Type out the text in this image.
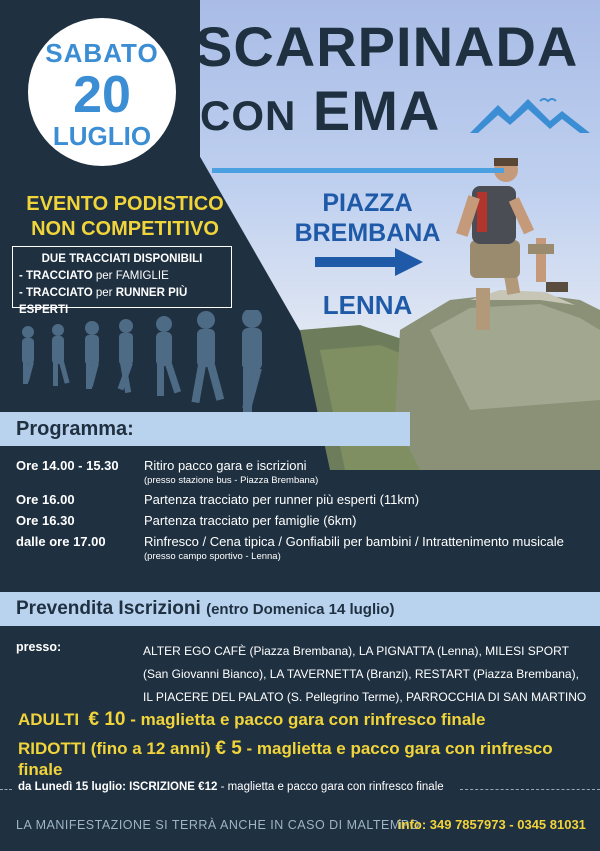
SABATO
20
LUGLIO
SCARPINADA
CON EMA
PIAZZA
BREMBANA
LENNA
EVENTO PODISTICO
NON COMPETITIVO
DUE TRACCIATI DISPONIBILI
- TRACCIATO per FAMIGLIE
- TRACCIATO per RUNNER PIÙ ESPERTI
Programma:
Ore 14.00 - 15.30	Ritiro pacco gara e iscrizioni
(presso stazione bus - Piazza Brembana)
Ore 16.00	Partenza tracciato per runner più esperti (11km)
Ore 16.30	Partenza tracciato per famiglie (6km)
dalle ore 17.00	Rinfresco / Cena tipica / Gonfiabili per bambini / Intrattenimento musicale
(presso campo sportivo - Lenna)
Prevendita Iscrizioni (entro Domenica 14 luglio)
presso:	ALTER EGO CAFÈ (Piazza Brembana), LA PIGNATTA (Lenna), MILESI SPORT
(San Giovanni Bianco), LA TAVERNETTA (Branzi), RESTART (Piazza Brembana),
IL PIACERE DEL PALATO (S. Pellegrino Terme), PARROCCHIA DI SAN MARTINO
ADULTI € 10 - maglietta e pacco gara con rinfresco finale
RIDOTTI (fino a 12 anni) € 5 - maglietta e pacco gara con rinfresco finale
da Lunedì 15 luglio: ISCRIZIONE €12 - maglietta e pacco gara con rinfresco finale
LA MANIFESTAZIONE SI TERRÀ ANCHE IN CASO DI MALTEMPO
info: 349 7857973 - 0345 81031
